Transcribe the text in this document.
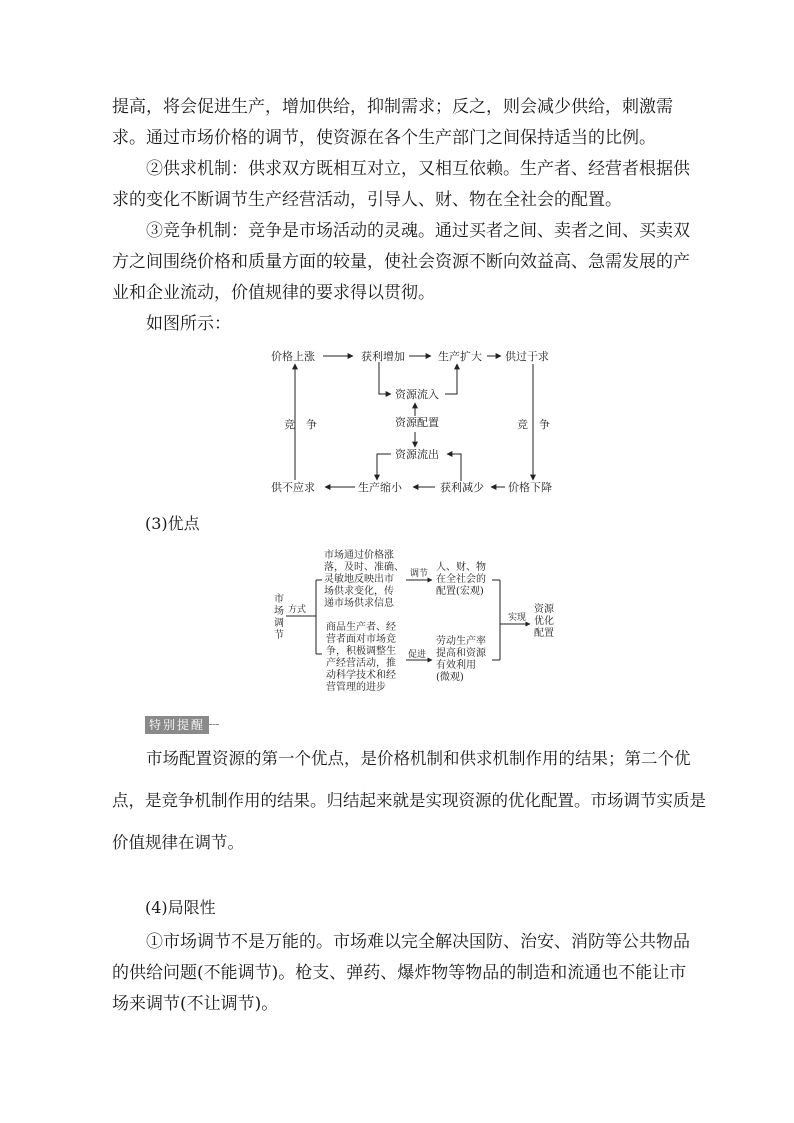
提高，将会促进生产，增加供给，抑制需求；反之，则会减少供给，刺激需求。通过市场价格的调节，使资源在各个生产部门之间保持适当的比例。

②供求机制：供求双方既相互对立，又相互依赖。生产者、经营者根据供求的变化不断调节生产经营活动，引导人、财、物在全社会的配置。

③竞争机制：竞争是市场活动的灵魂。通过买者之间、卖者之间、买卖双方之间围绕价格和质量方面的较量，使社会资源不断向效益高、急需发展的产业和企业流动，价值规律的要求得以贯彻。

如图所示：

价格上涨	获利增加	生产扩大 供过于求
资源流入
资源配置
资源流出
供不应求	生产缩小	获利减少 价格下降
竞　争	竞　争
(3)优点
市
场
调
节
方式
市场通过价格涨
落，及时、准确、
灵敏地反映出市
场供求变化，传
递市场供求信息
调节
人、财、物
在全社会的
配置(宏观)
商品生产者、经
营者面对市场竞
争，积极调整生
产经营活动，推
动科学技术和经
营管理的进步
促进
劳动生产率
提高和资源
有效利用
(微观)
实现
资源
优化
配置
特别提醒

市场配置资源的第一个优点，是价格机制和供求机制作用的结果；第二个优点，是竞争机制作用的结果。归结起来就是实现资源的优化配置。市场调节实质是价值规律在调节。

(4)局限性

①市场调节不是万能的。市场难以完全解决国防、治安、消防等公共物品的供给问题(不能调节)。枪支、弹药、爆炸物等物品的制造和流通也不能让市场来调节(不让调节)。
